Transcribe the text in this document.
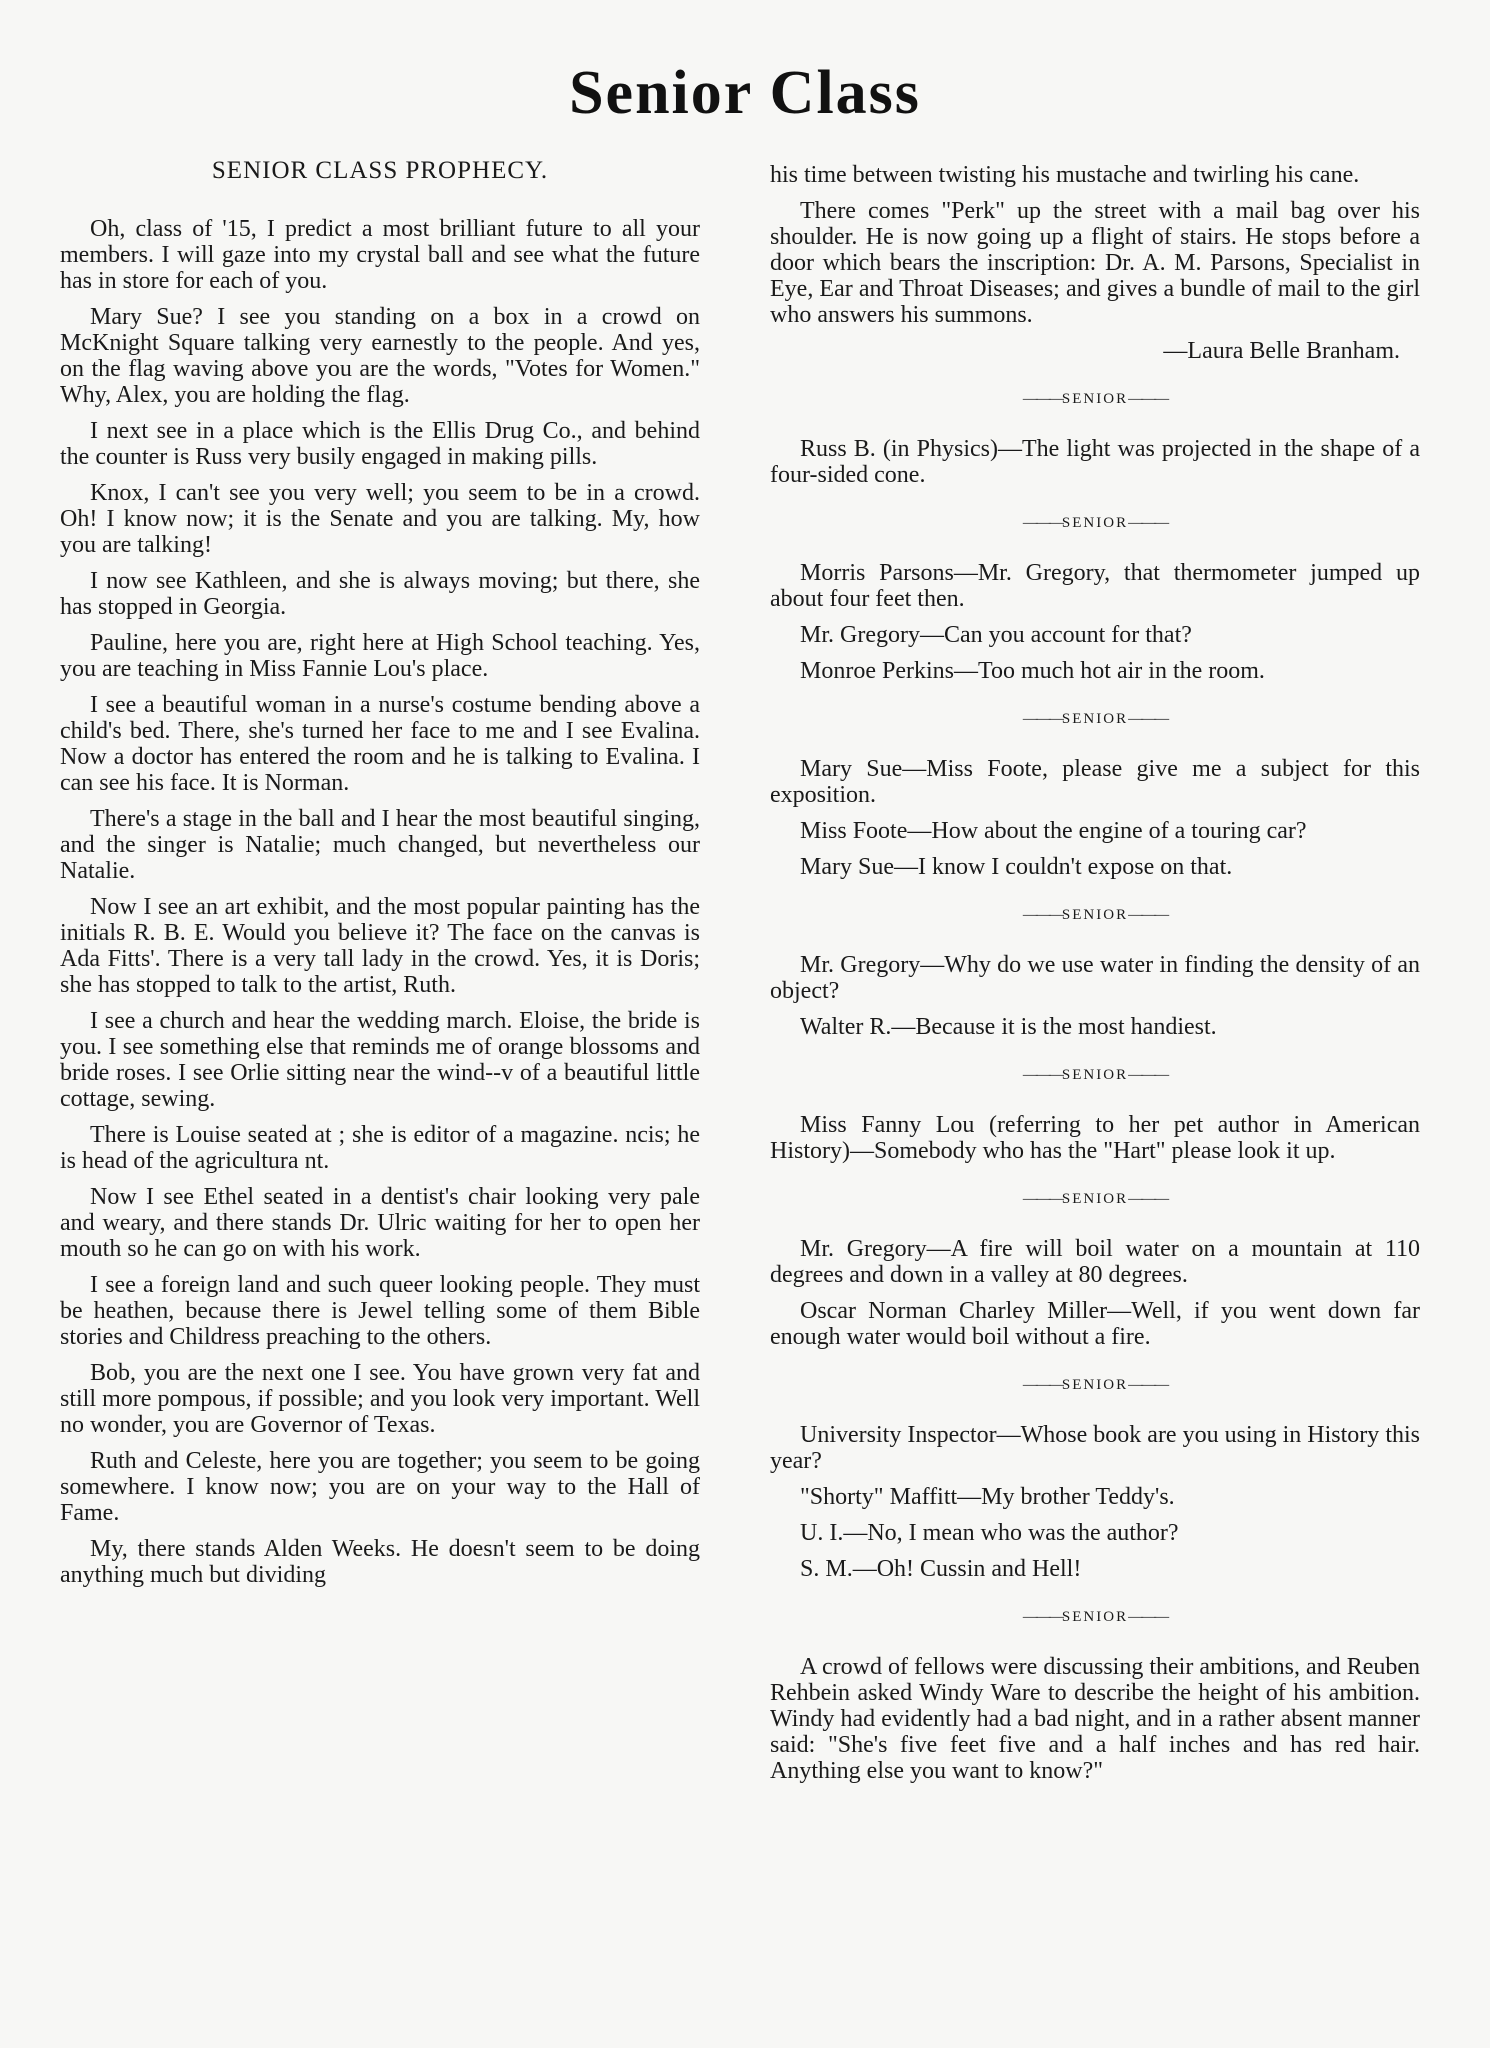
Senior Class
SENIOR CLASS PROPHECY.

Oh, class of '15, I predict a most brilliant future to all your members. I will gaze into my crystal ball and see what the future has in store for each of you.

Mary Sue? I see you standing on a box in a crowd on McKnight Square talking very earnestly to the people. And yes, on the flag waving above you are the words, "Votes for Women." Why, Alex, you are holding the flag.

I next see in a place which is the Ellis Drug Co., and behind the counter is Russ very busily engaged in making pills.

Knox, I can't see you very well; you seem to be in a crowd. Oh! I know now; it is the Senate and you are talking. My, how you are talking!

I now see Kathleen, and she is always moving; but there, she has stopped in Georgia.

Pauline, here you are, right here at High School teaching. Yes, you are teaching in Miss Fannie Lou's place.

I see a beautiful woman in a nurse's costume bending above a child's bed. There, she's turned her face to me and I see Evalina. Now a doctor has entered the room and he is talking to Evalina. I can see his face. It is Norman.

There's a stage in the ball and I hear the most beautiful singing, and the singer is Natalie; much changed, but nevertheless our Natalie.

Now I see an art exhibit, and the most popular painting has the initials R. B. E. Would you believe it? The face on the canvas is Ada Fitts'. There is a very tall lady in the crowd. Yes, it is Doris; she has stopped to talk to the artist, Ruth.

I see a church and hear the wedding march. Eloise, the bride is you. I see something else that reminds me of orange blossoms and bride roses. I see Orlie sitting near the wind--v of a beautiful little cottage, sewing.

There is Louise seated at ; she is editor of a magazine. ncis; he is head of the agricultura nt.

Now I see Ethel seated in a dentist's chair looking very pale and weary, and there stands Dr. Ulric waiting for her to open her mouth so he can go on with his work.

I see a foreign land and such queer looking people. They must be heathen, because there is Jewel telling some of them Bible stories and Childress preaching to the others.

Bob, you are the next one I see. You have grown very fat and still more pompous, if possible; and you look very important. Well no wonder, you are Governor of Texas.

Ruth and Celeste, here you are together; you seem to be going somewhere. I know now; you are on your way to the Hall of Fame.

My, there stands Alden Weeks. He doesn't seem to be doing anything much but dividing

his time between twisting his mustache and twirling his cane.

There comes "Perk" up the street with a mail bag over his shoulder. He is now going up a flight of stairs. He stops before a door which bears the inscription: Dr. A. M. Parsons, Specialist in Eye, Ear and Throat Diseases; and gives a bundle of mail to the girl who answers his summons.

—Laura Belle Branham.

——— SENIOR ———

Russ B. (in Physics)—The light was projected in the shape of a four-sided cone.

——— SENIOR ———

Morris Parsons—Mr. Gregory, that thermometer jumped up about four feet then.

Mr. Gregory—Can you account for that?

Monroe Perkins—Too much hot air in the room.

——— SENIOR ———

Mary Sue—Miss Foote, please give me a subject for this exposition.

Miss Foote—How about the engine of a touring car?

Mary Sue—I know I couldn't expose on that.

——— SENIOR ———

Mr. Gregory—Why do we use water in finding the density of an object?

Walter R.—Because it is the most handiest.

——— SENIOR ———

Miss Fanny Lou (referring to her pet author in American History)—Somebody who has the "Hart" please look it up.

——— SENIOR ———

Mr. Gregory—A fire will boil water on a mountain at 110 degrees and down in a valley at 80 degrees.

Oscar Norman Charley Miller—Well, if you went down far enough water would boil without a fire.

——— SENIOR ———

University Inspector—Whose book are you using in History this year?

"Shorty" Maffitt—My brother Teddy's.

U. I.—No, I mean who was the author?

S. M.—Oh! Cussin and Hell!

——— SENIOR ———

A crowd of fellows were discussing their ambitions, and Reuben Rehbein asked Windy Ware to describe the height of his ambition. Windy had evidently had a bad night, and in a rather absent manner said: "She's five feet five and a half inches and has red hair. Anything else you want to know?"
